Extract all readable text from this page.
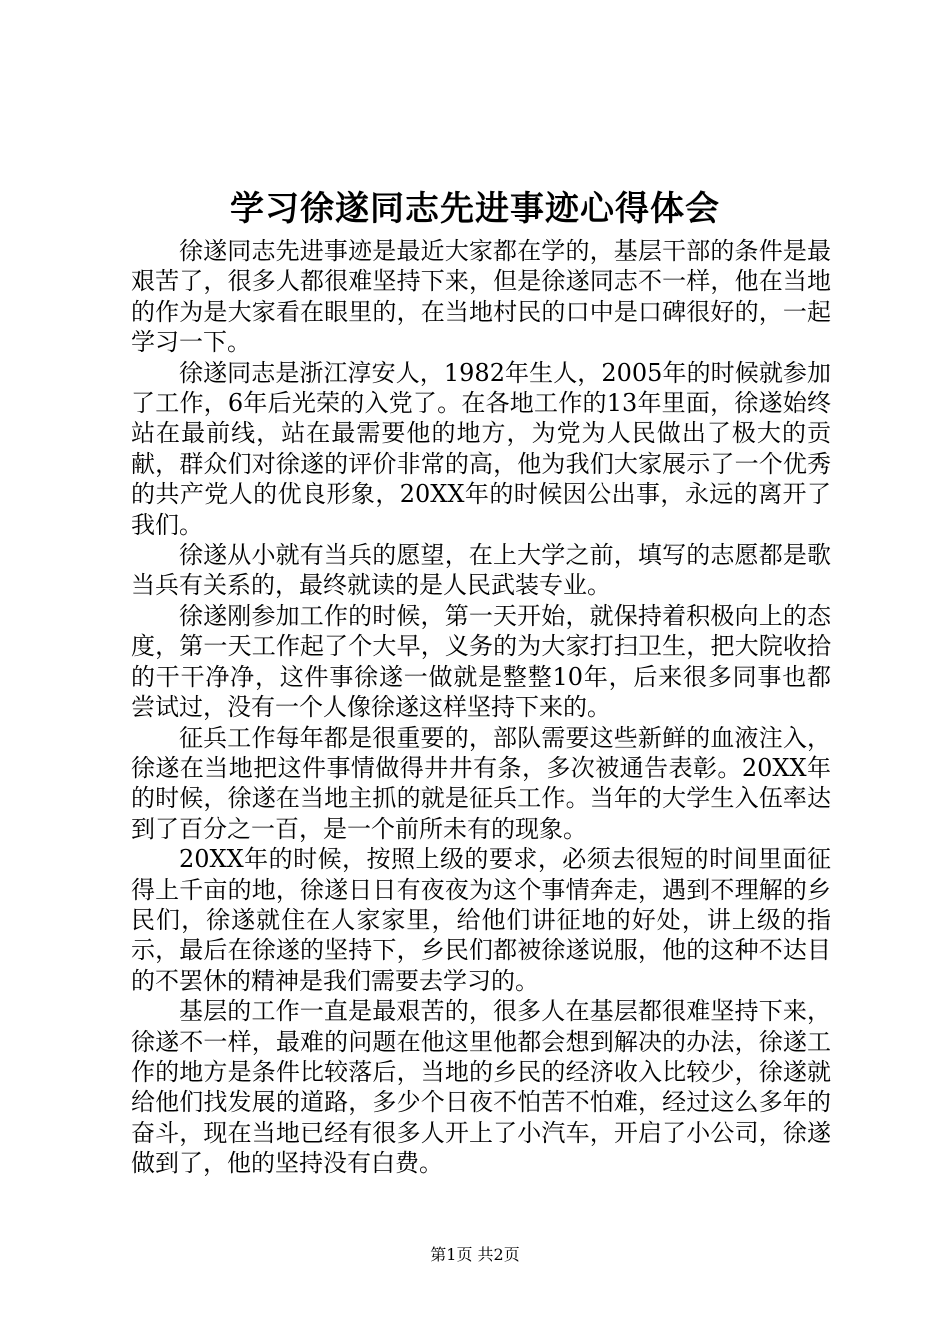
学习徐遂同志先进事迹心得体会

徐遂同志先进事迹是最近大家都在学的，基层干部的条件是最艰苦了，很多人都很难坚持下来，但是徐遂同志不一样，他在当地的作为是大家看在眼里的，在当地村民的口中是口碑很好的，一起学习一下。

徐遂同志是浙江淳安人，1982年生人，2005年的时候就参加了工作，6年后光荣的入党了。在各地工作的13年里面，徐遂始终站在最前线，站在最需要他的地方，为党为人民做出了极大的贡献，群众们对徐遂的评价非常的高，他为我们大家展示了一个优秀的共产党人的优良形象，20XX年的时候因公出事，永远的离开了我们。

徐遂从小就有当兵的愿望，在上大学之前，填写的志愿都是歌当兵有关系的，最终就读的是人民武装专业。

徐遂刚参加工作的时候，第一天开始，就保持着积极向上的态度，第一天工作起了个大早，义务的为大家打扫卫生，把大院收拾的干干净净，这件事徐遂一做就是整整10年，后来很多同事也都尝试过，没有一个人像徐遂这样坚持下来的。

征兵工作每年都是很重要的，部队需要这些新鲜的血液注入，徐遂在当地把这件事情做得井井有条，多次被通告表彰。20XX年的时候，徐遂在当地主抓的就是征兵工作。当年的大学生入伍率达到了百分之一百，是一个前所未有的现象。

20XX年的时候，按照上级的要求，必须去很短的时间里面征得上千亩的地，徐遂日日有夜夜为这个事情奔走，遇到不理解的乡民们，徐遂就住在人家家里，给他们讲征地的好处，讲上级的指示，最后在徐遂的坚持下，乡民们都被徐遂说服，他的这种不达目的不罢休的精神是我们需要去学习的。

基层的工作一直是最艰苦的，很多人在基层都很难坚持下来，徐遂不一样，最难的问题在他这里他都会想到解决的办法，徐遂工作的地方是条件比较落后，当地的乡民的经济收入比较少，徐遂就给他们找发展的道路，多少个日夜不怕苦不怕难，经过这么多年的奋斗，现在当地已经有很多人开上了小汽车，开启了小公司，徐遂做到了，他的坚持没有白费。

第1页 共2页
